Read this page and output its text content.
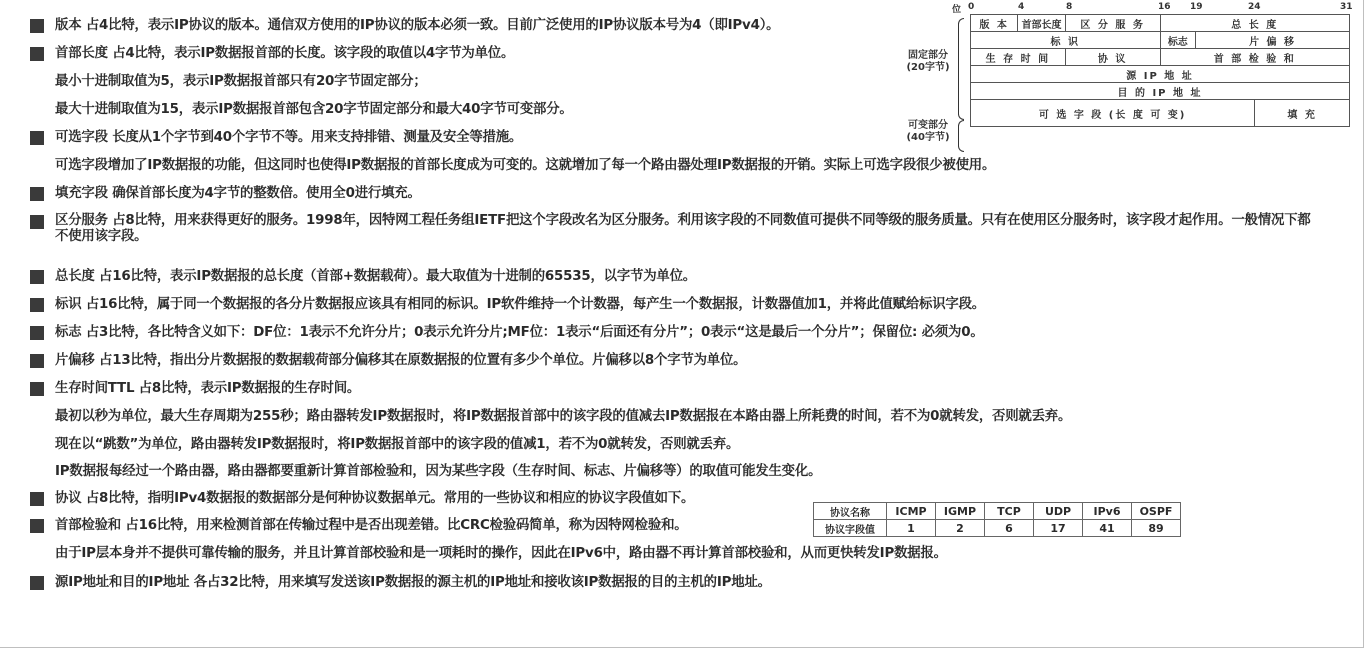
版本 占4比特，表示IP协议的版本。通信双方使用的IP协议的版本必须一致。目前广泛使用的IP协议版本号为4（即IPv4）。
首部长度 占4比特，表示IP数据报首部的长度。该字段的取值以4字节为单位。
最小十进制取值为5，表示IP数据报首部只有20字节固定部分；
最大十进制取值为15，表示IP数据报首部包含20字节固定部分和最大40字节可变部分。
可选字段 长度从1个字节到40个字节不等。用来支持排错、测量及安全等措施。
可选字段增加了IP数据报的功能，但这同时也使得IP数据报的首部长度成为可变的。这就增加了每一个路由器处理IP数据报的开销。实际上可选字段很少被使用。
填充字段 确保首部长度为4字节的整数倍。使用全0进行填充。
区分服务 占8比特，用来获得更好的服务。1998年，因特网工程任务组IETF把这个字段改名为区分服务。利用该字段的不同数值可提供不同等级的服务质量。只有在使用区分服务时，该字段才起作用。一般情况下都不使用该字段。
总长度 占16比特，表示IP数据报的总长度（首部+数据载荷）。最大取值为十进制的65535，以字节为单位。
标识 占16比特，属于同一个数据报的各分片数据报应该具有相同的标识。IP软件维持一个计数器，每产生一个数据报，计数器值加1，并将此值赋给标识字段。
标志 占3比特，各比特含义如下：DF位：1表示不允许分片；0表示允许分片;MF位：1表示“后面还有分片”；0表示“这是最后一个分片”；保留位: 必须为0。
片偏移 占13比特，指出分片数据报的数据载荷部分偏移其在原数据报的位置有多少个单位。片偏移以8个字节为单位。
生存时间TTL 占8比特，表示IP数据报的生存时间。
最初以秒为单位，最大生存周期为255秒；路由器转发IP数据报时，将IP数据报首部中的该字段的值减去IP数据报在本路由器上所耗费的时间，若不为0就转发，否则就丢弃。
现在以“跳数”为单位，路由器转发IP数据报时，将IP数据报首部中的该字段的值减1，若不为0就转发，否则就丢弃。
IP数据报每经过一个路由器，路由器都要重新计算首部检验和，因为某些字段（生存时间、标志、片偏移等）的取值可能发生变化。
协议 占8比特，指明IPv4数据报的数据部分是何种协议数据单元。常用的一些协议和相应的协议字段值如下。
首部检验和 占16比特，用来检测首部在传输过程中是否出现差错。比CRC检验码简单，称为因特网检验和。
由于IP层本身并不提供可靠传输的服务，并且计算首部校验和是一项耗时的操作，因此在IPv6中，路由器不再计算首部校验和，从而更快转发IP数据报。
源IP地址和目的IP地址 各占32比特，用来填写发送该IP数据报的源主机的IP地址和接收该IP数据报的目的主机的IP地址。
位 0	4	8	16 19	24	31
固定部分
(20字节)
可变部分
(40字节)
版 本	首部长度	区 分 服 务	总 长 度		
标 识			标志	片 偏 移	
生 存 时 间		协 议	首 部 检 验 和		
源 IP 地 址					
目 的 IP 地 址					
可 选 字 段 (长 度 可 变)					填 充
协议名称	ICMP	IGMP	TCP	UDP	IPv6	OSPF
协议字段值	1	2	6	17	41	89
